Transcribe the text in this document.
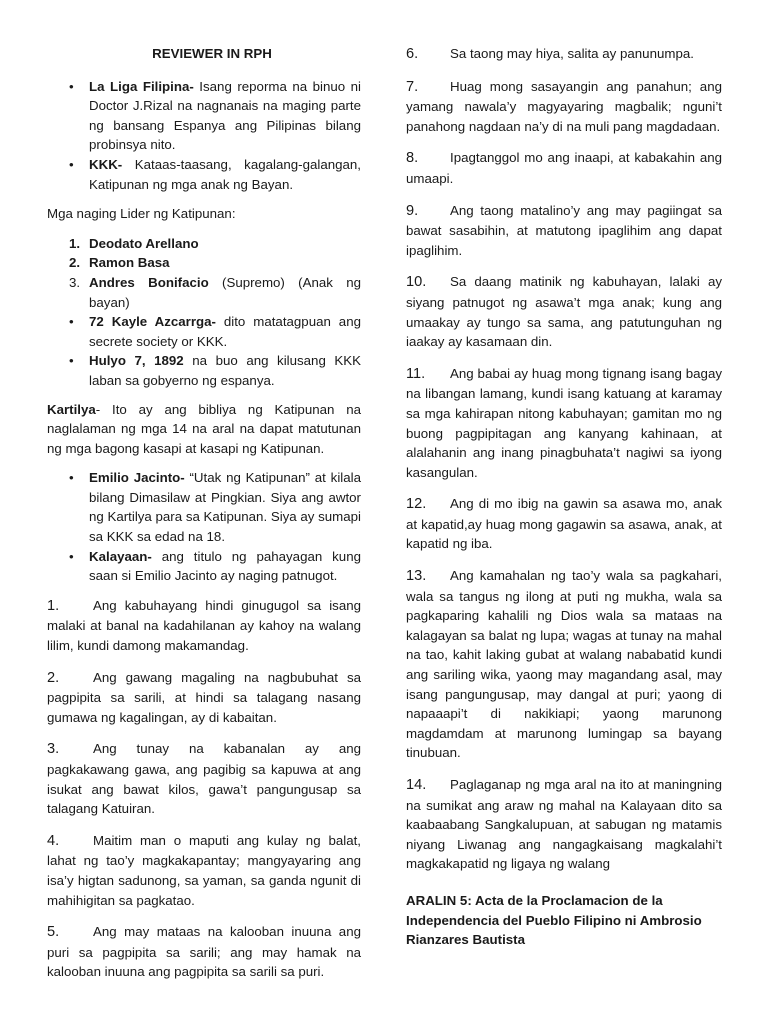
REVIEWER IN RPH
• La Liga Filipina- Isang reporma na binuo ni Doctor J.Rizal na nagnanais na maging parte ng bansang Espanya ang Pilipinas bilang probinsya nito.
• KKK- Kataas-taasang, kagalang-galangan, Katipunan ng mga anak ng Bayan.
Mga naging Lider ng Katipunan:
1. Deodato Arellano
2. Ramon Basa
3. Andres Bonifacio (Supremo) (Anak ng bayan)
• 72 Kayle Azcarrga- dito matatagpuan ang secrete society or KKK.
• Hulyo 7, 1892 na buo ang kilusang KKK laban sa gobyerno ng espanya.
Kartilya- Ito ay ang bibliya ng Katipunan na naglalaman ng mga 14 na aral na dapat matutunan ng mga bagong kasapi at kasapi ng Katipunan.
• Emilio Jacinto- “Utak ng Katipunan” at kilala bilang Dimasilaw at Pingkian. Siya ang awtor ng Kartilya para sa Katipunan. Siya ay sumapi sa KKK sa edad na 18.
• Kalayaan- ang titulo ng pahayagan kung saan si Emilio Jacinto ay naging patnugot.
1.	Ang kabuhayang hindi ginugugol sa isang malaki at banal na kadahilanan ay kahoy na walang lilim, kundi damong makamandag.
2.	Ang gawang magaling na nagbubuhat sa pagpipita sa sarili, at hindi sa talagang nasang gumawa ng kagalingan, ay di kabaitan.
3.	Ang tunay na kabanalan ay ang pagkakawang gawa, ang pagibig sa kapuwa at ang isukat ang bawat kilos, gawa’t pangungusap sa talagang Katuiran.
4.	Maitim man o maputi ang kulay ng balat, lahat ng tao’y magkakapantay; mangyayaring ang isa’y higtan sadunong, sa yaman, sa ganda ngunit di mahihigitan sa pagkatao.
5.	Ang may mataas na kalooban inuuna ang puri sa pagpipita sa sarili; ang may hamak na kalooban inuuna ang pagpipita sa sarili sa puri.
6. Sa taong may hiya, salita ay panunumpa.
7. Huag mong sasayangin ang panahun; ang yamang nawala’y magyayaring magbalik; nguni’t panahong nagdaan na’y di na muli pang magdadaan.
8. Ipagtanggol mo ang inaapi, at kabakahin ang umaapi.
9. Ang taong matalino’y ang may pagiingat sa bawat sasabihin, at matutong ipaglihim ang dapat ipaglihim.
10. Sa daang matinik ng kabuhayan, lalaki ay siyang patnugot ng asawa’t mga anak; kung ang umaakay ay tungo sa sama, ang patutunguhan ng iaakay ay kasamaan din.
11. Ang babai ay huag mong tignang isang bagay na libangan lamang, kundi isang katuang at karamay sa mga kahirapan nitong kabuhayan; gamitan mo ng buong pagpipitagan ang kanyang kahinaan, at alalahanin ang inang pinagbuhata’t nagiwi sa iyong kasangulan.
12. Ang di mo ibig na gawin sa asawa mo, anak at kapatid,ay huag mong gagawin sa asawa, anak, at kapatid ng iba.
13. Ang kamahalan ng tao’y wala sa pagkahari, wala sa tangus ng ilong at puti ng mukha, wala sa pagkaparing kahalili ng Dios wala sa mataas na kalagayan sa balat ng lupa; wagas at tunay na mahal na tao, kahit laking gubat at walang nababatid kundi ang sariling wika, yaong may magandang asal, may isang pangungusap, may dangal at puri; yaong di napaaapi’t di nakikiapi; yaong marunong magdamdam at marunong lumingap sa bayang tinubuan.
14. Paglaganap ng mga aral na ito at maningning na sumikat ang araw ng mahal na Kalayaan dito sa kaabaabang Sangkalupuan, at sabugan ng matamis niyang Liwanag ang nangagkaisang magkalahi’t magkakapatid ng ligaya ng walang
ARALIN 5: Acta de la Proclamacion de la Independencia del Pueblo Filipino ni Ambrosio Rianzares Bautista
